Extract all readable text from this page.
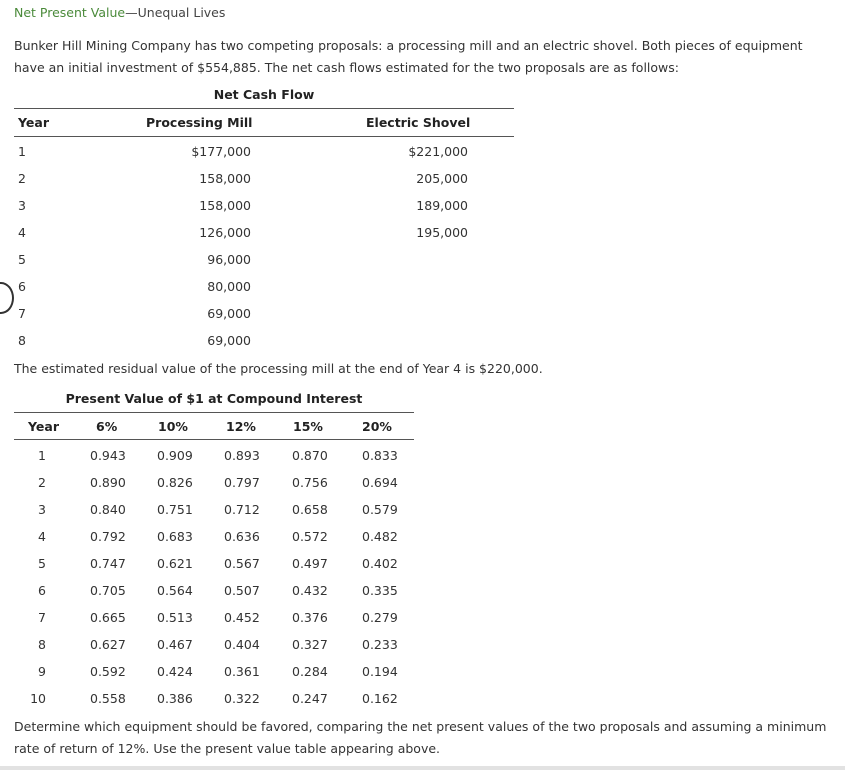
Net Present Value—Unequal Lives
Bunker Hill Mining Company has two competing proposals: a processing mill and an electric shovel. Both pieces of equipment have an initial investment of $554,885. The net cash flows estimated for the two proposals are as follows:
Net Cash Flow
Year	Processing Mill	Electric Shovel
1	$177,000	$221,000
2	158,000	205,000
3	158,000	189,000
4	126,000	195,000
5	96,000
6	80,000
7	69,000
8	69,000
The estimated residual value of the processing mill at the end of Year 4 is $220,000.
Present Value of $1 at Compound Interest
Year	6%	10%	12%	15%	20%
1	0.943 0.909 0.893	0.870	0.833
2	0.890 0.826 0.797	0.756	0.694
3	0.840 0.751 0.712	0.658	0.579
4	0.792 0.683 0.636	0.572	0.482
5	0.747 0.621 0.567	0.497	0.402
6	0.705 0.564 0.507	0.432	0.335
7	0.665 0.513 0.452	0.376	0.279
8	0.627 0.467 0.404	0.327	0.233
9	0.592 0.424 0.361	0.284	0.194
10	0.558 0.386 0.322	0.247	0.162
Determine which equipment should be favored, comparing the net present values of the two proposals and assuming a minimum rate of return of 12%. Use the present value table appearing above.
